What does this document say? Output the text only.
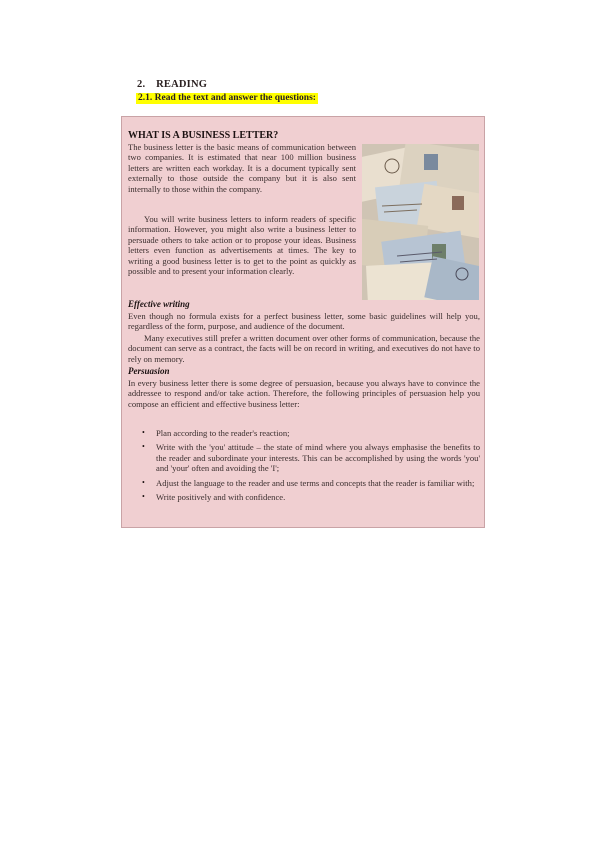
2. READING
2.1. Read the text and answer the questions:
WHAT IS A BUSINESS LETTER?

The business letter is the basic means of communication between two companies. It is estimated that near 100 million business letters are written each workday. It is a document typically sent externally to those outside the company but it is also sent internally to those within the company.

You will write business letters to inform readers of specific information. However, you might also write a business letter to persuade others to take action or to propose your ideas. Business letters even function as advertisements at times. The key to writing a good business letter is to get to the point as quickly as possible and to present your information clearly.

Effective writing

Even though no formula exists for a perfect business letter, some basic guidelines will help you, regardless of the form, purpose, and audience of the document.

Many executives still prefer a written document over other forms of communication, because the document can serve as a contract, the facts will be on record in writing, and executives do not have to rely on memory.

Persuasion

In every business letter there is some degree of persuasion, because you always have to convince the addressee to respond and/or take action. Therefore, the following principles of persuasion help you compose an efficient and effective business letter:

• Plan according to the reader's reaction;
• Write with the 'you' attitude – the state of mind where you always emphasise the benefits to the reader and subordinate your interests. This can be accomplished by using the words 'you' and 'your' often and avoiding the 'I';
• Adjust the language to the reader and use terms and concepts that the reader is familiar with;
• Write positively and with confidence.
